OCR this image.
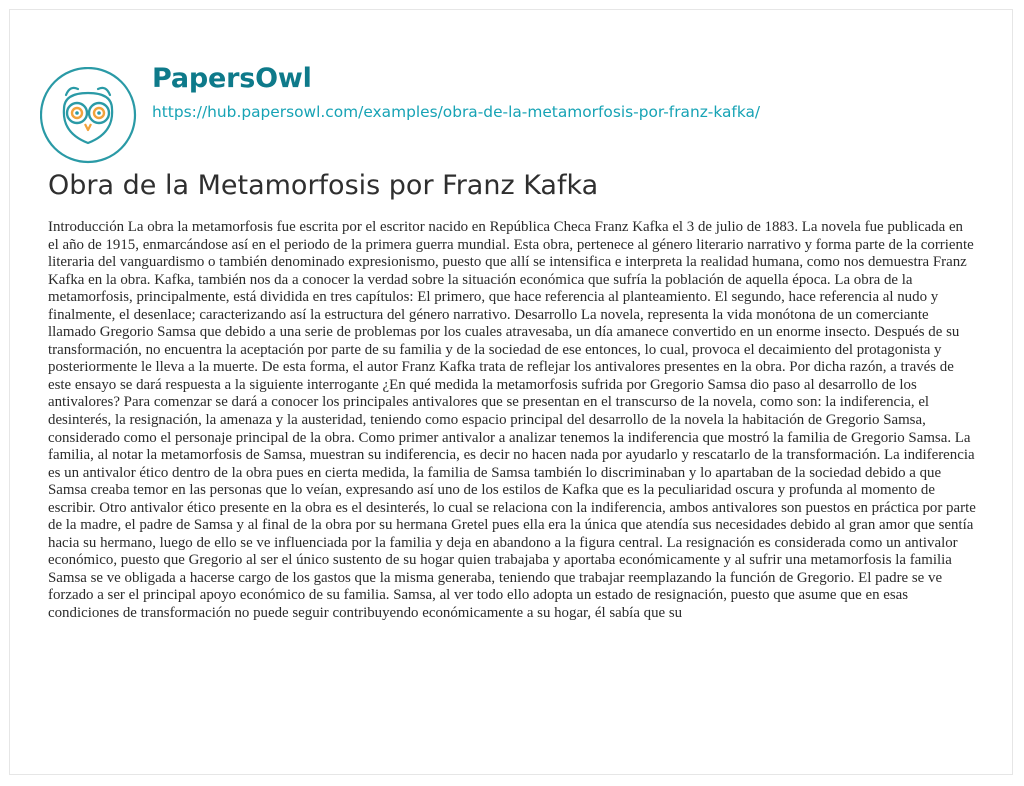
PapersOwl
https://hub.papersowl.com/examples/obra-de-la-metamorfosis-por-franz-kafka/
Obra de la Metamorfosis por Franz Kafka

Introducción La obra la metamorfosis fue escrita por el escritor nacido en República Checa Franz Kafka el 3 de julio de 1883. La novela fue publicada en el año de 1915, enmarcándose así en el periodo de la primera guerra mundial. Esta obra, pertenece al género literario narrativo y forma parte de la corriente literaria del vanguardismo o también denominado expresionismo, puesto que allí se intensifica e interpreta la realidad humana, como nos demuestra Franz Kafka en la obra. Kafka, también nos da a conocer la verdad sobre la situación económica que sufría la población de aquella época. La obra de la metamorfosis, principalmente, está dividida en tres capítulos: El primero, que hace referencia al planteamiento. El segundo, hace referencia al nudo y finalmente, el desenlace; caracterizando así la estructura del género narrativo. Desarrollo La novela, representa la vida monótona de un comerciante llamado Gregorio Samsa que debido a una serie de problemas por los cuales atravesaba, un día amanece convertido en un enorme insecto. Después de su transformación, no encuentra la aceptación por parte de su familia y de la sociedad de ese entonces, lo cual, provoca el decaimiento del protagonista y posteriormente le lleva a la muerte. De esta forma, el autor Franz Kafka trata de reflejar los antivalores presentes en la obra. Por dicha razón, a través de este ensayo se dará respuesta a la siguiente interrogante ¿En qué medida la metamorfosis sufrida por Gregorio Samsa dio paso al desarrollo de los antivalores? Para comenzar se dará a conocer los principales antivalores que se presentan en el transcurso de la novela, como son: la indiferencia, el desinterés, la resignación, la amenaza y la austeridad, teniendo como espacio principal del desarrollo de la novela la habitación de Gregorio Samsa, considerado como el personaje principal de la obra. Como primer antivalor a analizar tenemos la indiferencia que mostró la familia de Gregorio Samsa. La familia, al notar la metamorfosis de Samsa, muestran su indiferencia, es decir no hacen nada por ayudarlo y rescatarlo de la transformación. La indiferencia es un antivalor ético dentro de la obra pues en cierta medida, la familia de Samsa también lo discriminaban y lo apartaban de la sociedad debido a que Samsa creaba temor en las personas que lo veían, expresando así uno de los estilos de Kafka que es la peculiaridad oscura y profunda al momento de escribir. Otro antivalor ético presente en la obra es el desinterés, lo cual se relaciona con la indiferencia, ambos antivalores son puestos en práctica por parte de la madre, el padre de Samsa y al final de la obra por su hermana Gretel pues ella era la única que atendía sus necesidades debido al gran amor que sentía hacia su hermano, luego de ello se ve influenciada por la familia y deja en abandono a la figura central. La resignación es considerada como un antivalor económico, puesto que Gregorio al ser el único sustento de su hogar quien trabajaba y aportaba económicamente y al sufrir una metamorfosis la familia Samsa se ve obligada a hacerse cargo de los gastos que la misma generaba, teniendo que trabajar reemplazando la función de Gregorio. El padre se ve forzado a ser el principal apoyo económico de su familia. Samsa, al ver todo ello adopta un estado de resignación, puesto que asume que en esas condiciones de transformación no puede seguir contribuyendo económicamente a su hogar, él sabía que su
